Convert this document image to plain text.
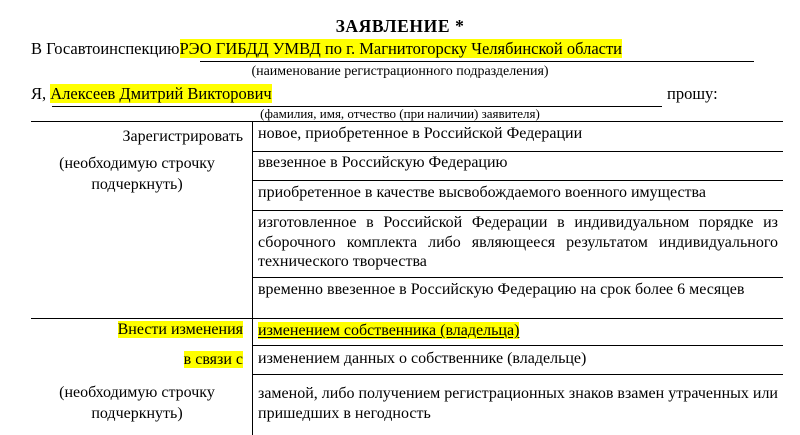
ЗАЯВЛЕНИЕ *
В ГосавтоинспекциюРЭО ГИБДД УМВД по г. Магнитогорску Челябинской области
(наименование регистрационного подразделения)
Я, Алексеев Дмитрий Викторович	прошу:
(фамилия, имя, отчество (при наличии) заявителя)
Зарегистрировать
(необходимую строчку подчеркнуть)
новое, приобретенное в Российской Федерации
ввезенное в Российскую Федерацию
приобретенное в качестве высвобождаемого военного имущества
изготовленное в Российской Федерации в индивидуальном порядке из сборочного комплекта либо являющееся результатом индивидуального технического творчества
временно ввезенное в Российскую Федерацию на срок более 6 месяцев
Внести изменения
в связи с
(необходимую строчку подчеркнуть)
изменением собственника (владельца)
изменением данных о собственнике (владельце)
заменой, либо получением регистрационных знаков взамен утраченных или пришедших в негодность
